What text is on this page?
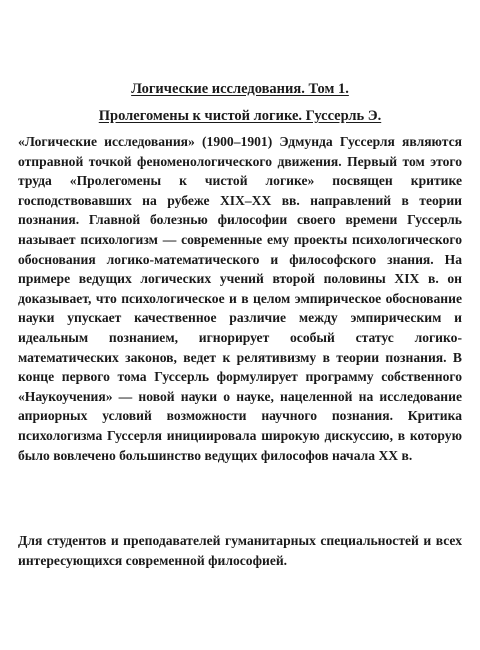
Логические исследования. Том 1.
Пролегомены к чистой логике. Гуссерль Э.

«Логические исследования» (1900–1901) Эдмунда Гуссерля являются отправной точкой феноменологического движения. Первый том этого труда «Пролегомены к чистой логике» посвящен критике господствовавших на рубеже XIX–XX вв. направлений в теории познания. Главной болезнью философии своего времени Гуссерль называет психологизм — современные ему проекты психологического обоснования логико-математического и философского знания. На примере ведущих логических учений второй половины XIX в. он доказывает, что психологическое и в целом эмпирическое обоснование науки упускает качественное различие между эмпирическим и идеальным познанием, игнорирует особый статус логико-математических законов, ведет к релятивизму в теории познания. В конце первого тома Гуссерль формулирует программу собственного «Наукоучения» — новой науки о науке, нацеленной на исследование априорных условий возможности научного познания. Критика психологизма Гуссерля инициировала широкую дискуссию, в которую было вовлечено большинство ведущих философов начала XX в.

Для студентов и преподавателей гуманитарных специальностей и всех интересующихся современной философией.
